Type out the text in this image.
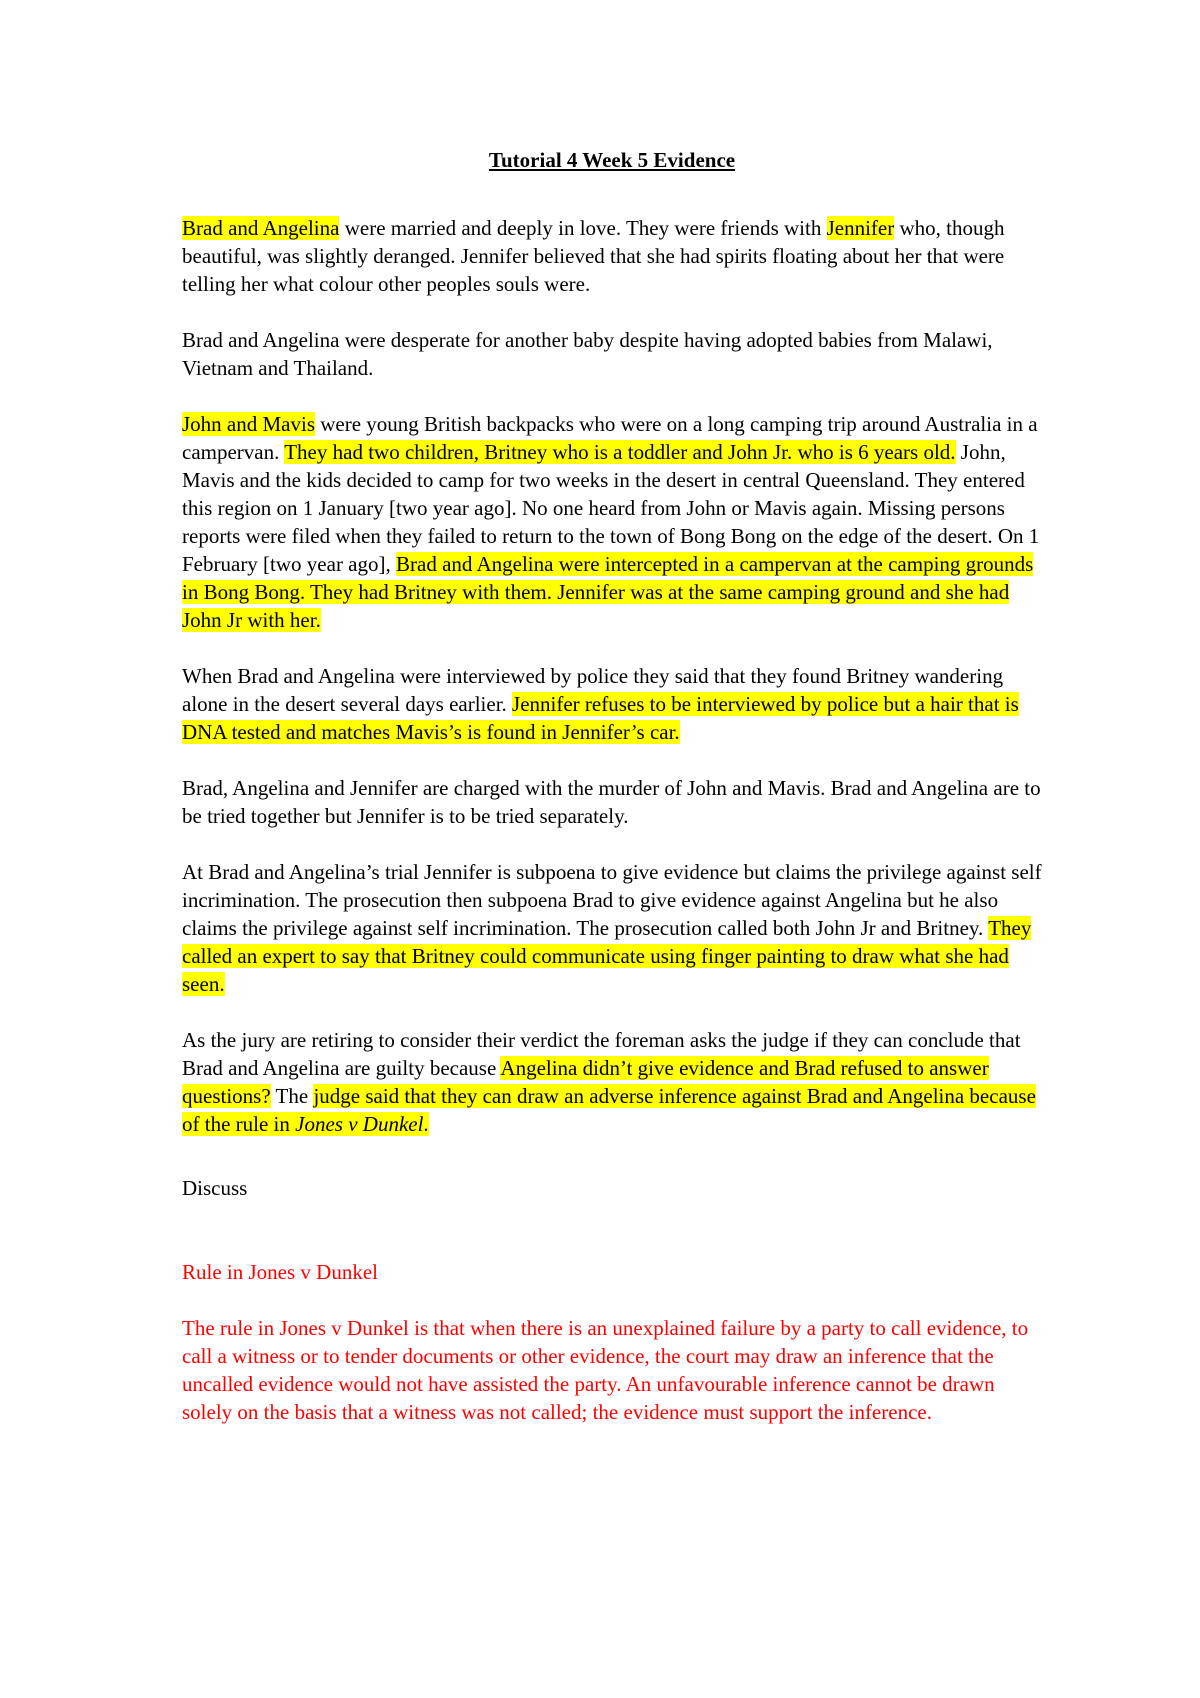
Tutorial 4 Week 5 Evidence

Brad and Angelina were married and deeply in love. They were friends with Jennifer who, though beautiful, was slightly deranged. Jennifer believed that she had spirits floating about her that were telling her what colour other peoples souls were.

Brad and Angelina were desperate for another baby despite having adopted babies from Malawi, Vietnam and Thailand.

John and Mavis were young British backpacks who were on a long camping trip around Australia in a campervan. They had two children, Britney who is a toddler and John Jr. who is 6 years old. John, Mavis and the kids decided to camp for two weeks in the desert in central Queensland. They entered this region on 1 January [two year ago]. No one heard from John or Mavis again. Missing persons reports were filed when they failed to return to the town of Bong Bong on the edge of the desert. On 1 February [two year ago], Brad and Angelina were intercepted in a campervan at the camping grounds in Bong Bong. They had Britney with them. Jennifer was at the same camping ground and she had John Jr with her.

When Brad and Angelina were interviewed by police they said that they found Britney wandering alone in the desert several days earlier. Jennifer refuses to be interviewed by police but a hair that is DNA tested and matches Mavis’s is found in Jennifer’s car.

Brad, Angelina and Jennifer are charged with the murder of John and Mavis. Brad and Angelina are to be tried together but Jennifer is to be tried separately.

At Brad and Angelina’s trial Jennifer is subpoena to give evidence but claims the privilege against self incrimination. The prosecution then subpoena Brad to give evidence against Angelina but he also claims the privilege against self incrimination. The prosecution called both John Jr and Britney. They called an expert to say that Britney could communicate using finger painting to draw what she had seen.

As the jury are retiring to consider their verdict the foreman asks the judge if they can conclude that Brad and Angelina are guilty because Angelina didn’t give evidence and Brad refused to answer questions? The judge said that they can draw an adverse inference against Brad and Angelina because of the rule in Jones v Dunkel.

Discuss

Rule in Jones v Dunkel

The rule in Jones v Dunkel is that when there is an unexplained failure by a party to call evidence, to call a witness or to tender documents or other evidence, the court may draw an inference that the uncalled evidence would not have assisted the party. An unfavourable inference cannot be drawn solely on the basis that a witness was not called; the evidence must support the inference.
